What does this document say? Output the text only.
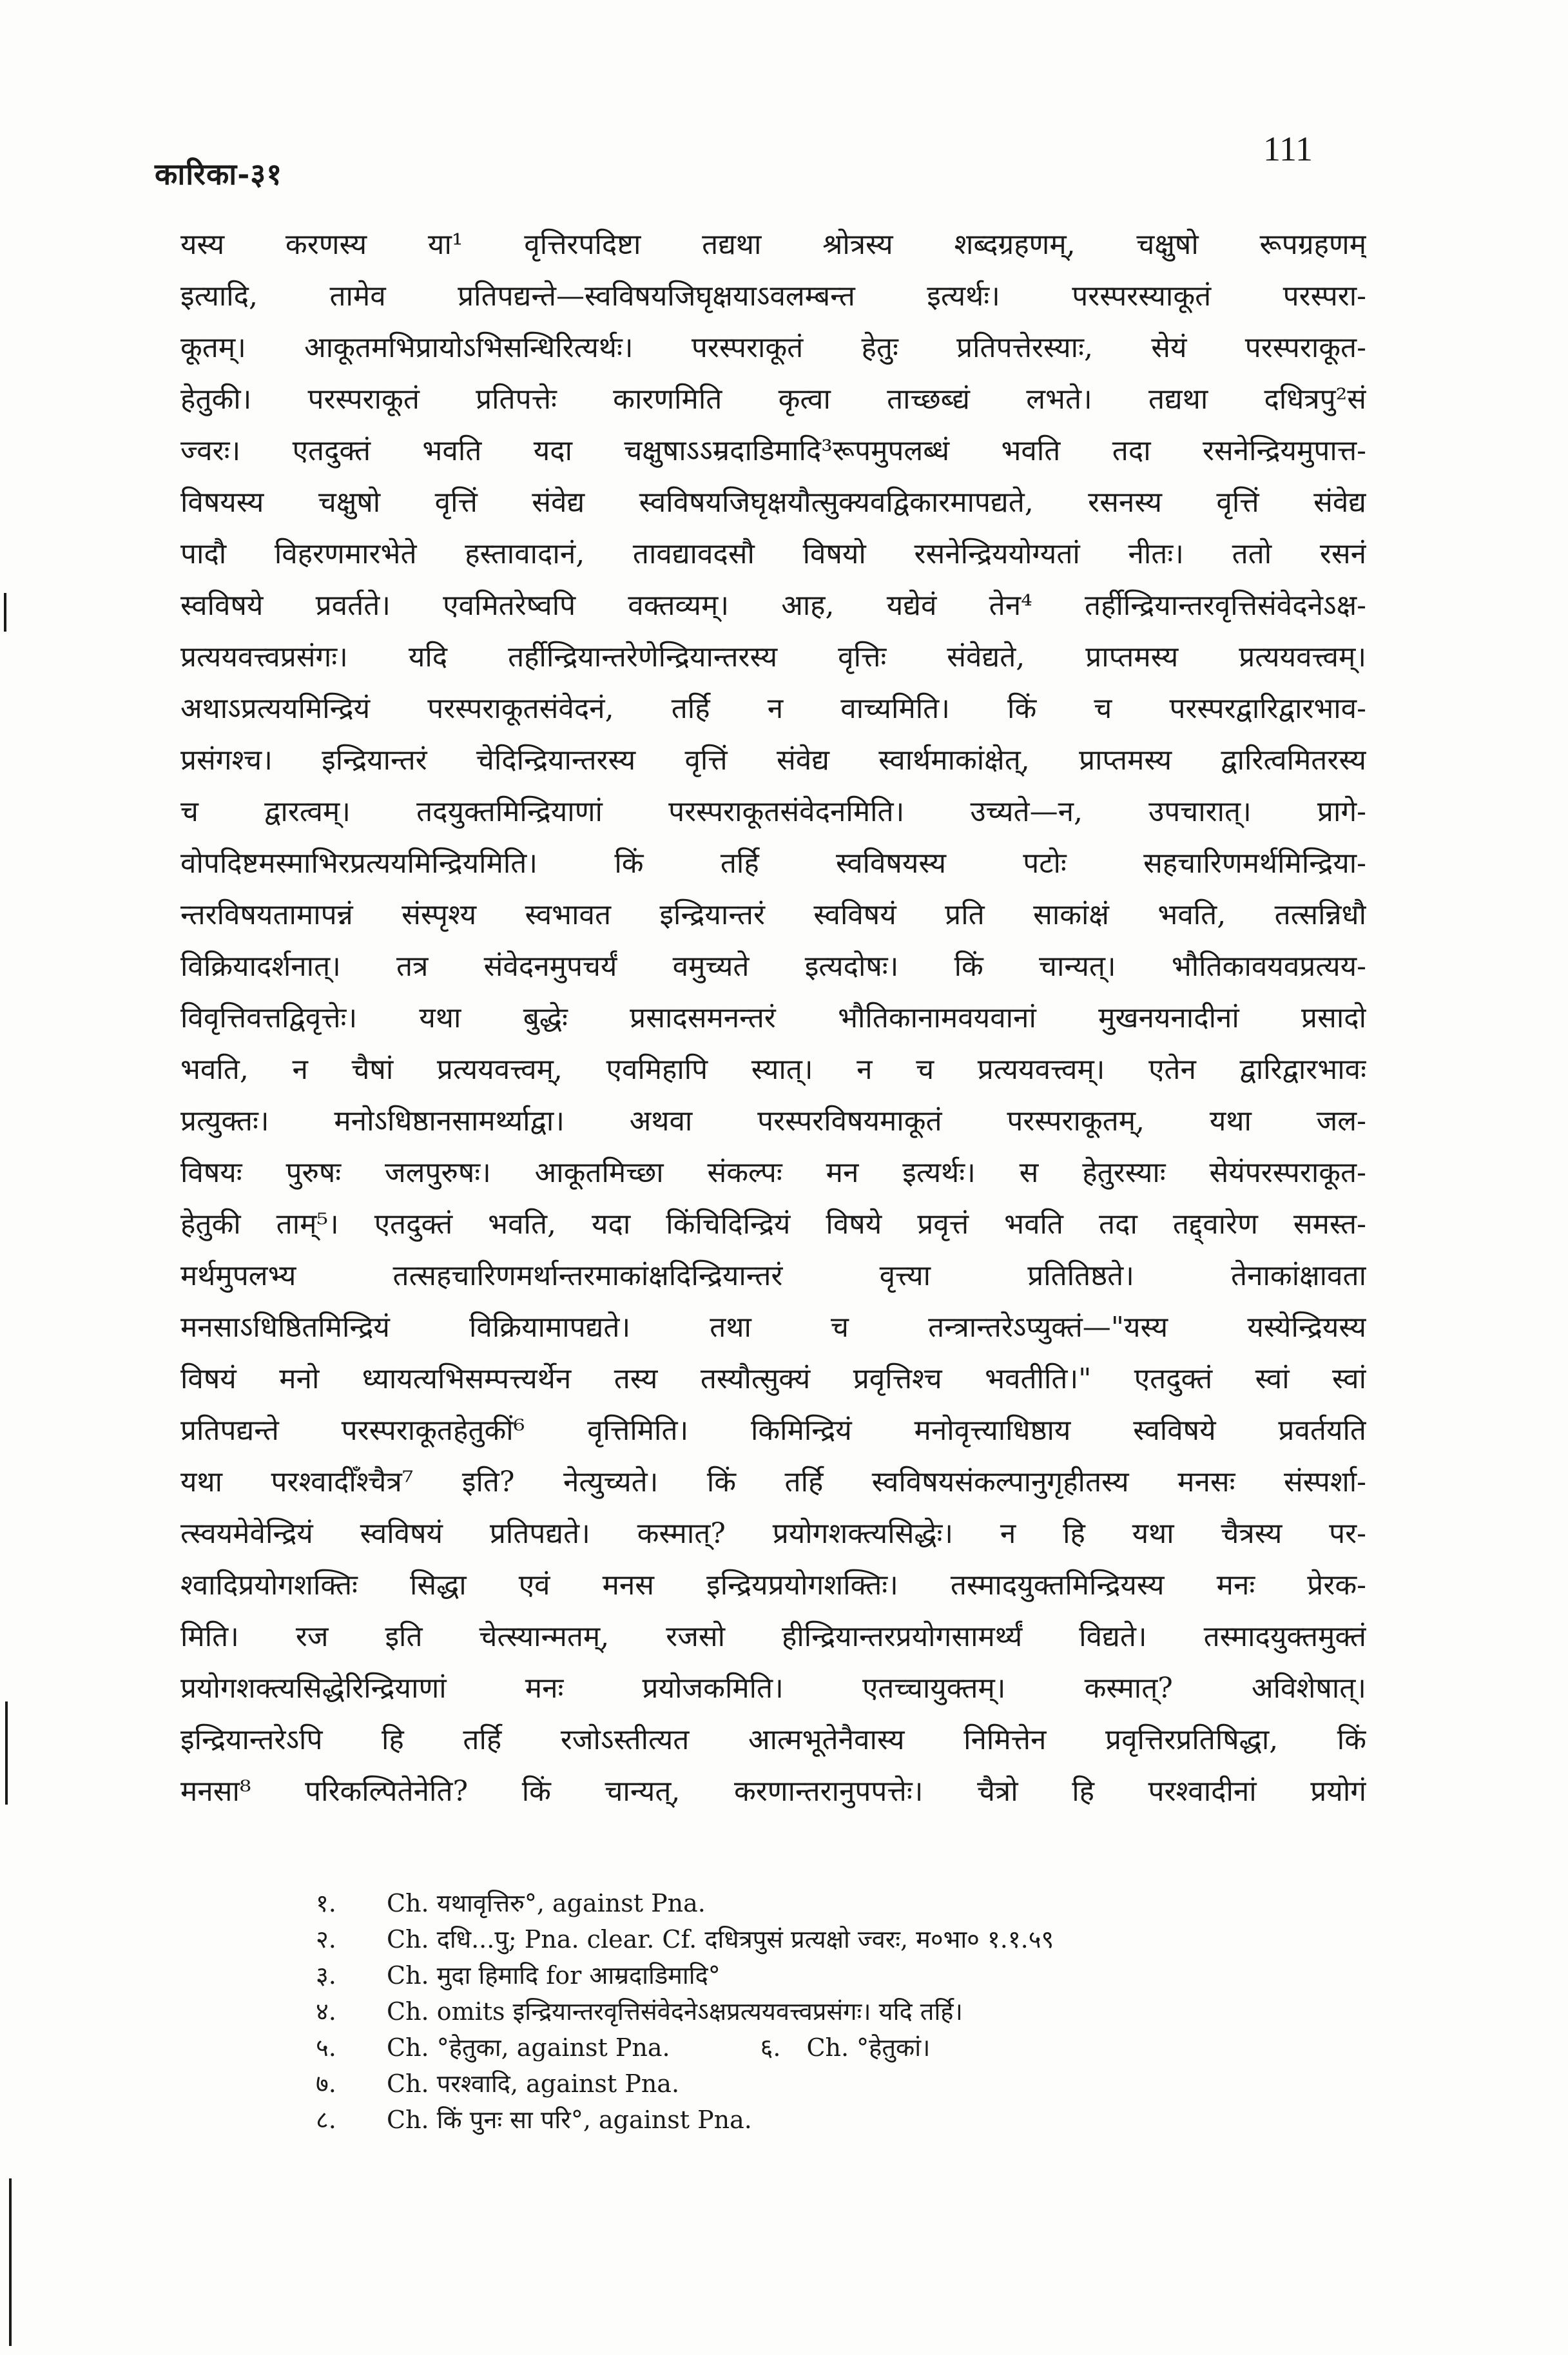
कारिका-३१
111
यस्य करणस्य या¹ वृत्तिरपदिष्टा तद्यथा श्रोत्रस्य शब्दग्रहणम्, चक्षुषो रूपग्रहणम्
इत्यादि, तामेव प्रतिपद्यन्ते—स्वविषयजिघृक्षयाऽवलम्बन्त इत्यर्थः। परस्परस्याकूतं परस्परा-
कूतम्। आकूतमभिप्रायोऽभिसन्धिरित्यर्थः। परस्पराकूतं हेतुः प्रतिपत्तेरस्याः, सेयं परस्पराकूत-
हेतुकी। परस्पराकूतं प्रतिपत्तेः कारणमिति कृत्वा ताच्छब्द्यं लभते। तद्यथा दधित्रपु²सं
ज्वरः। एतदुक्तं भवति यदा चक्षुषाऽऽम्रदाडिमादि³रूपमुपलब्धं भवति तदा रसनेन्द्रियमुपात्त-
विषयस्य चक्षुषो वृत्तिं संवेद्य स्वविषयजिघृक्षयौत्सुक्यवद्विकारमापद्यते, रसनस्य वृत्तिं संवेद्य
पादौ विहरणमारभेते हस्तावादानं, तावद्यावदसौ विषयो रसनेन्द्रिययोग्यतां नीतः। ततो रसनं
स्वविषये प्रवर्तते। एवमितरेष्वपि वक्तव्यम्। आह, यद्येवं तेन⁴ तर्हीन्द्रियान्तरवृत्तिसंवेदनेऽक्ष-
प्रत्ययवत्त्वप्रसंगः। यदि तर्हीन्द्रियान्तरेणेन्द्रियान्तरस्य वृत्तिः संवेद्यते, प्राप्तमस्य प्रत्ययवत्त्वम्।
अथाऽप्रत्ययमिन्द्रियं परस्पराकूतसंवेदनं, तर्हि न वाच्यमिति। किं च परस्परद्वारिद्वारभाव-
प्रसंगश्च। इन्द्रियान्तरं चेदिन्द्रियान्तरस्य वृत्तिं संवेद्य स्वार्थमाकांक्षेत्, प्राप्तमस्य द्वारित्वमितरस्य
च द्वारत्वम्। तदयुक्तमिन्द्रियाणां परस्पराकूतसंवेदनमिति। उच्यते—न, उपचारात्। प्रागे-
वोपदिष्टमस्माभिरप्रत्ययमिन्द्रियमिति। किं तर्हि स्वविषयस्य पटोः सहचारिणमर्थमिन्द्रिया-
न्तरविषयतामापन्नं संस्पृश्य स्वभावत इन्द्रियान्तरं स्वविषयं प्रति साकांक्षं भवति, तत्सन्निधौ
विक्रियादर्शनात्। तत्र संवेदनमुपचर्यं वमुच्यते इत्यदोषः। किं चान्यत्। भौतिकावयवप्रत्यय-
विवृत्तिवत्तद्विवृत्तेः। यथा बुद्धेः प्रसादसमनन्तरं भौतिकानामवयवानां मुखनयनादीनां प्रसादो
भवति, न चैषां प्रत्ययवत्त्वम्, एवमिहापि स्यात्। न च प्रत्ययवत्त्वम्। एतेन द्वारिद्वारभावः
प्रत्युक्तः। मनोऽधिष्ठानसामर्थ्याद्वा। अथवा परस्परविषयमाकूतं परस्पराकूतम्, यथा जल-
विषयः पुरुषः जलपुरुषः। आकूतमिच्छा संकल्पः मन इत्यर्थः। स हेतुरस्याः सेयंपरस्पराकूत-
हेतुकी ताम्⁵। एतदुक्तं भवति, यदा किंचिदिन्द्रियं विषये प्रवृत्तं भवति तदा तद्द्वारेण समस्त-
मर्थमुपलभ्य तत्सहचारिणमर्थान्तरमाकांक्षदिन्द्रियान्तरं वृत्त्या प्रतितिष्ठते। तेनाकांक्षावता
मनसाऽधिष्ठितमिन्द्रियं विक्रियामापद्यते। तथा च तन्त्रान्तरेऽप्युक्तं—"यस्य यस्येन्द्रियस्य
विषयं मनो ध्यायत्यभिसम्पत्त्यर्थेन तस्य तस्यौत्सुक्यं प्रवृत्तिश्च भवतीति।" एतदुक्तं स्वां स्वां
प्रतिपद्यन्ते परस्पराकूतहेतुकीं⁶ वृत्तिमिति। किमिन्द्रियं मनोवृत्त्याधिष्ठाय स्वविषये प्रवर्तयति
यथा परश्वादीँश्चैत्र⁷ इति? नेत्युच्यते। किं तर्हि स्वविषयसंकल्पानुगृहीतस्य मनसः संस्पर्शा-
त्स्वयमेवेन्द्रियं स्वविषयं प्रतिपद्यते। कस्मात्? प्रयोगशक्त्यसिद्धेः। न हि यथा चैत्रस्य पर-
श्वादिप्रयोगशक्तिः सिद्धा एवं मनस इन्द्रियप्रयोगशक्तिः। तस्मादयुक्तमिन्द्रियस्य मनः प्रेरक-
मिति। रज इति चेत्स्यान्मतम्, रजसो हीन्द्रियान्तरप्रयोगसामर्थ्यं विद्यते। तस्मादयुक्तमुक्तं
प्रयोगशक्त्यसिद्धेरिन्द्रियाणां मनः प्रयोजकमिति। एतच्चायुक्तम्। कस्मात्? अविशेषात्।
इन्द्रियान्तरेऽपि हि तर्हि रजोऽस्तीत्यत आत्मभूतेनैवास्य निमित्तेन प्रवृत्तिरप्रतिषिद्धा, किं
मनसा⁸ परिकल्पितेनेति? किं चान्यत्, करणान्तरानुपपत्तेः। चैत्रो हि परश्वादीनां प्रयोगं
१.	Ch. यथावृत्तिरु°, against Pna.
२.	Ch. दधि...पु; Pna. clear. Cf. दधित्रपुसं प्रत्यक्षो ज्वरः, म०भा० १.१.५९
३.	Ch. मुदा हिमादि for आम्रदाडिमादि°
४.	Ch. omits इन्द्रियान्तरवृत्तिसंवेदनेऽक्षप्रत्ययवत्त्वप्रसंगः। यदि तर्हि।
५.	Ch. °हेतुका, against Pna.	६. Ch. °हेतुकां।
७.	Ch. परश्वादि, against Pna.
८.	Ch. किं पुनः सा परि°, against Pna.
